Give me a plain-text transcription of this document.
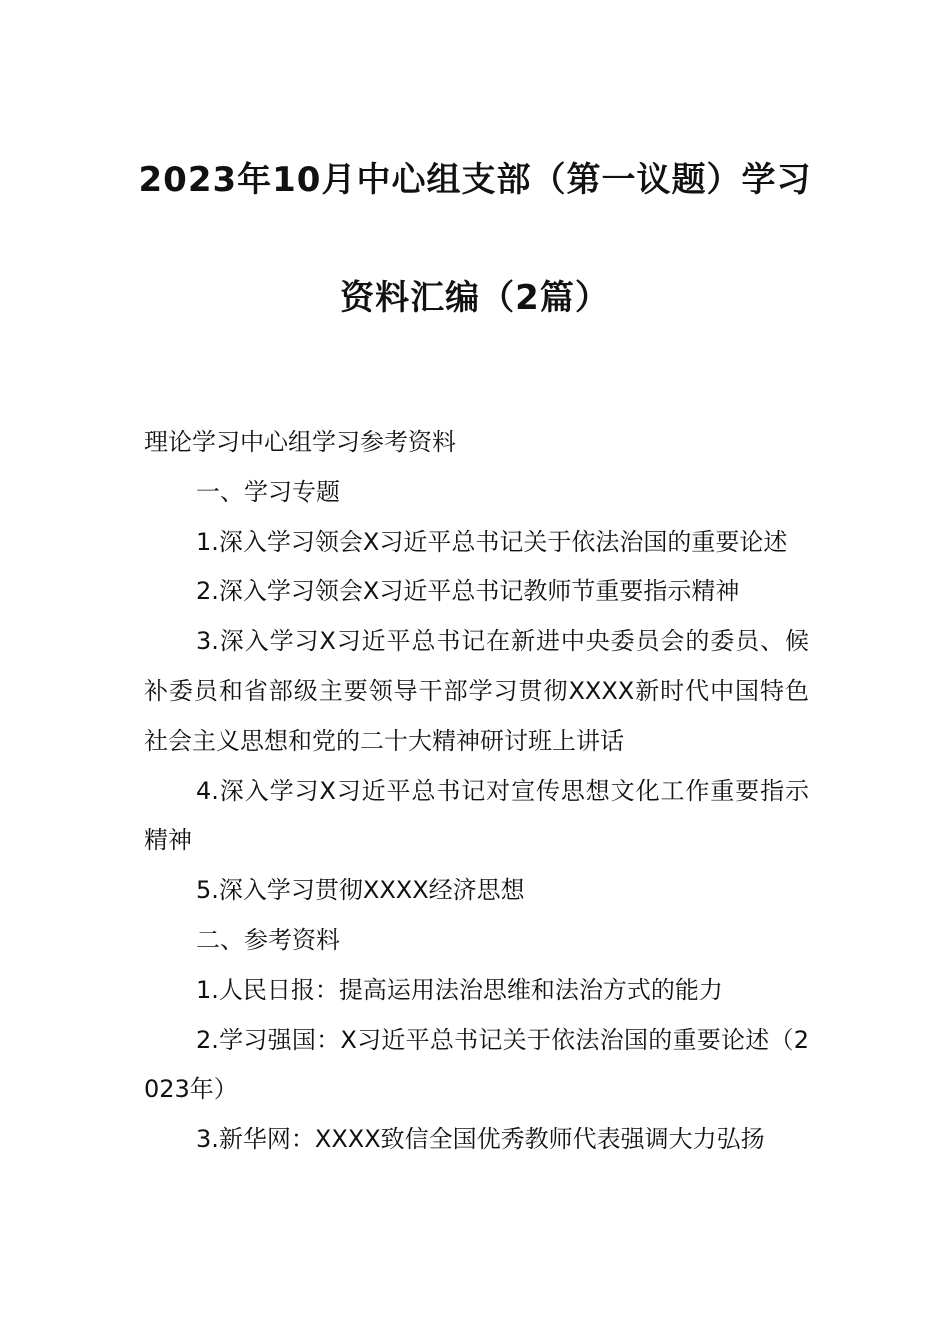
2023年10月中心组支部（第一议题）学习
资料汇编（2篇）

理论学习中心组学习参考资料

一、学习专题

1.深入学习领会X习近平总书记关于依法治国的重要论述

2.深入学习领会X习近平总书记教师节重要指示精神

3.深入学习X习近平总书记在新进中央委员会的委员、候补委员和省部级主要领导干部学习贯彻XXXX新时代中国特色社会主义思想和党的二十大精神研讨班上讲话

4.深入学习X习近平总书记对宣传思想文化工作重要指示精神

5.深入学习贯彻XXXX经济思想

二、参考资料

1.人民日报：提高运用法治思维和法治方式的能力

2.学习强国：X习近平总书记关于依法治国的重要论述（2023年）

3.新华网：XXXX致信全国优秀教师代表强调大力弘扬
